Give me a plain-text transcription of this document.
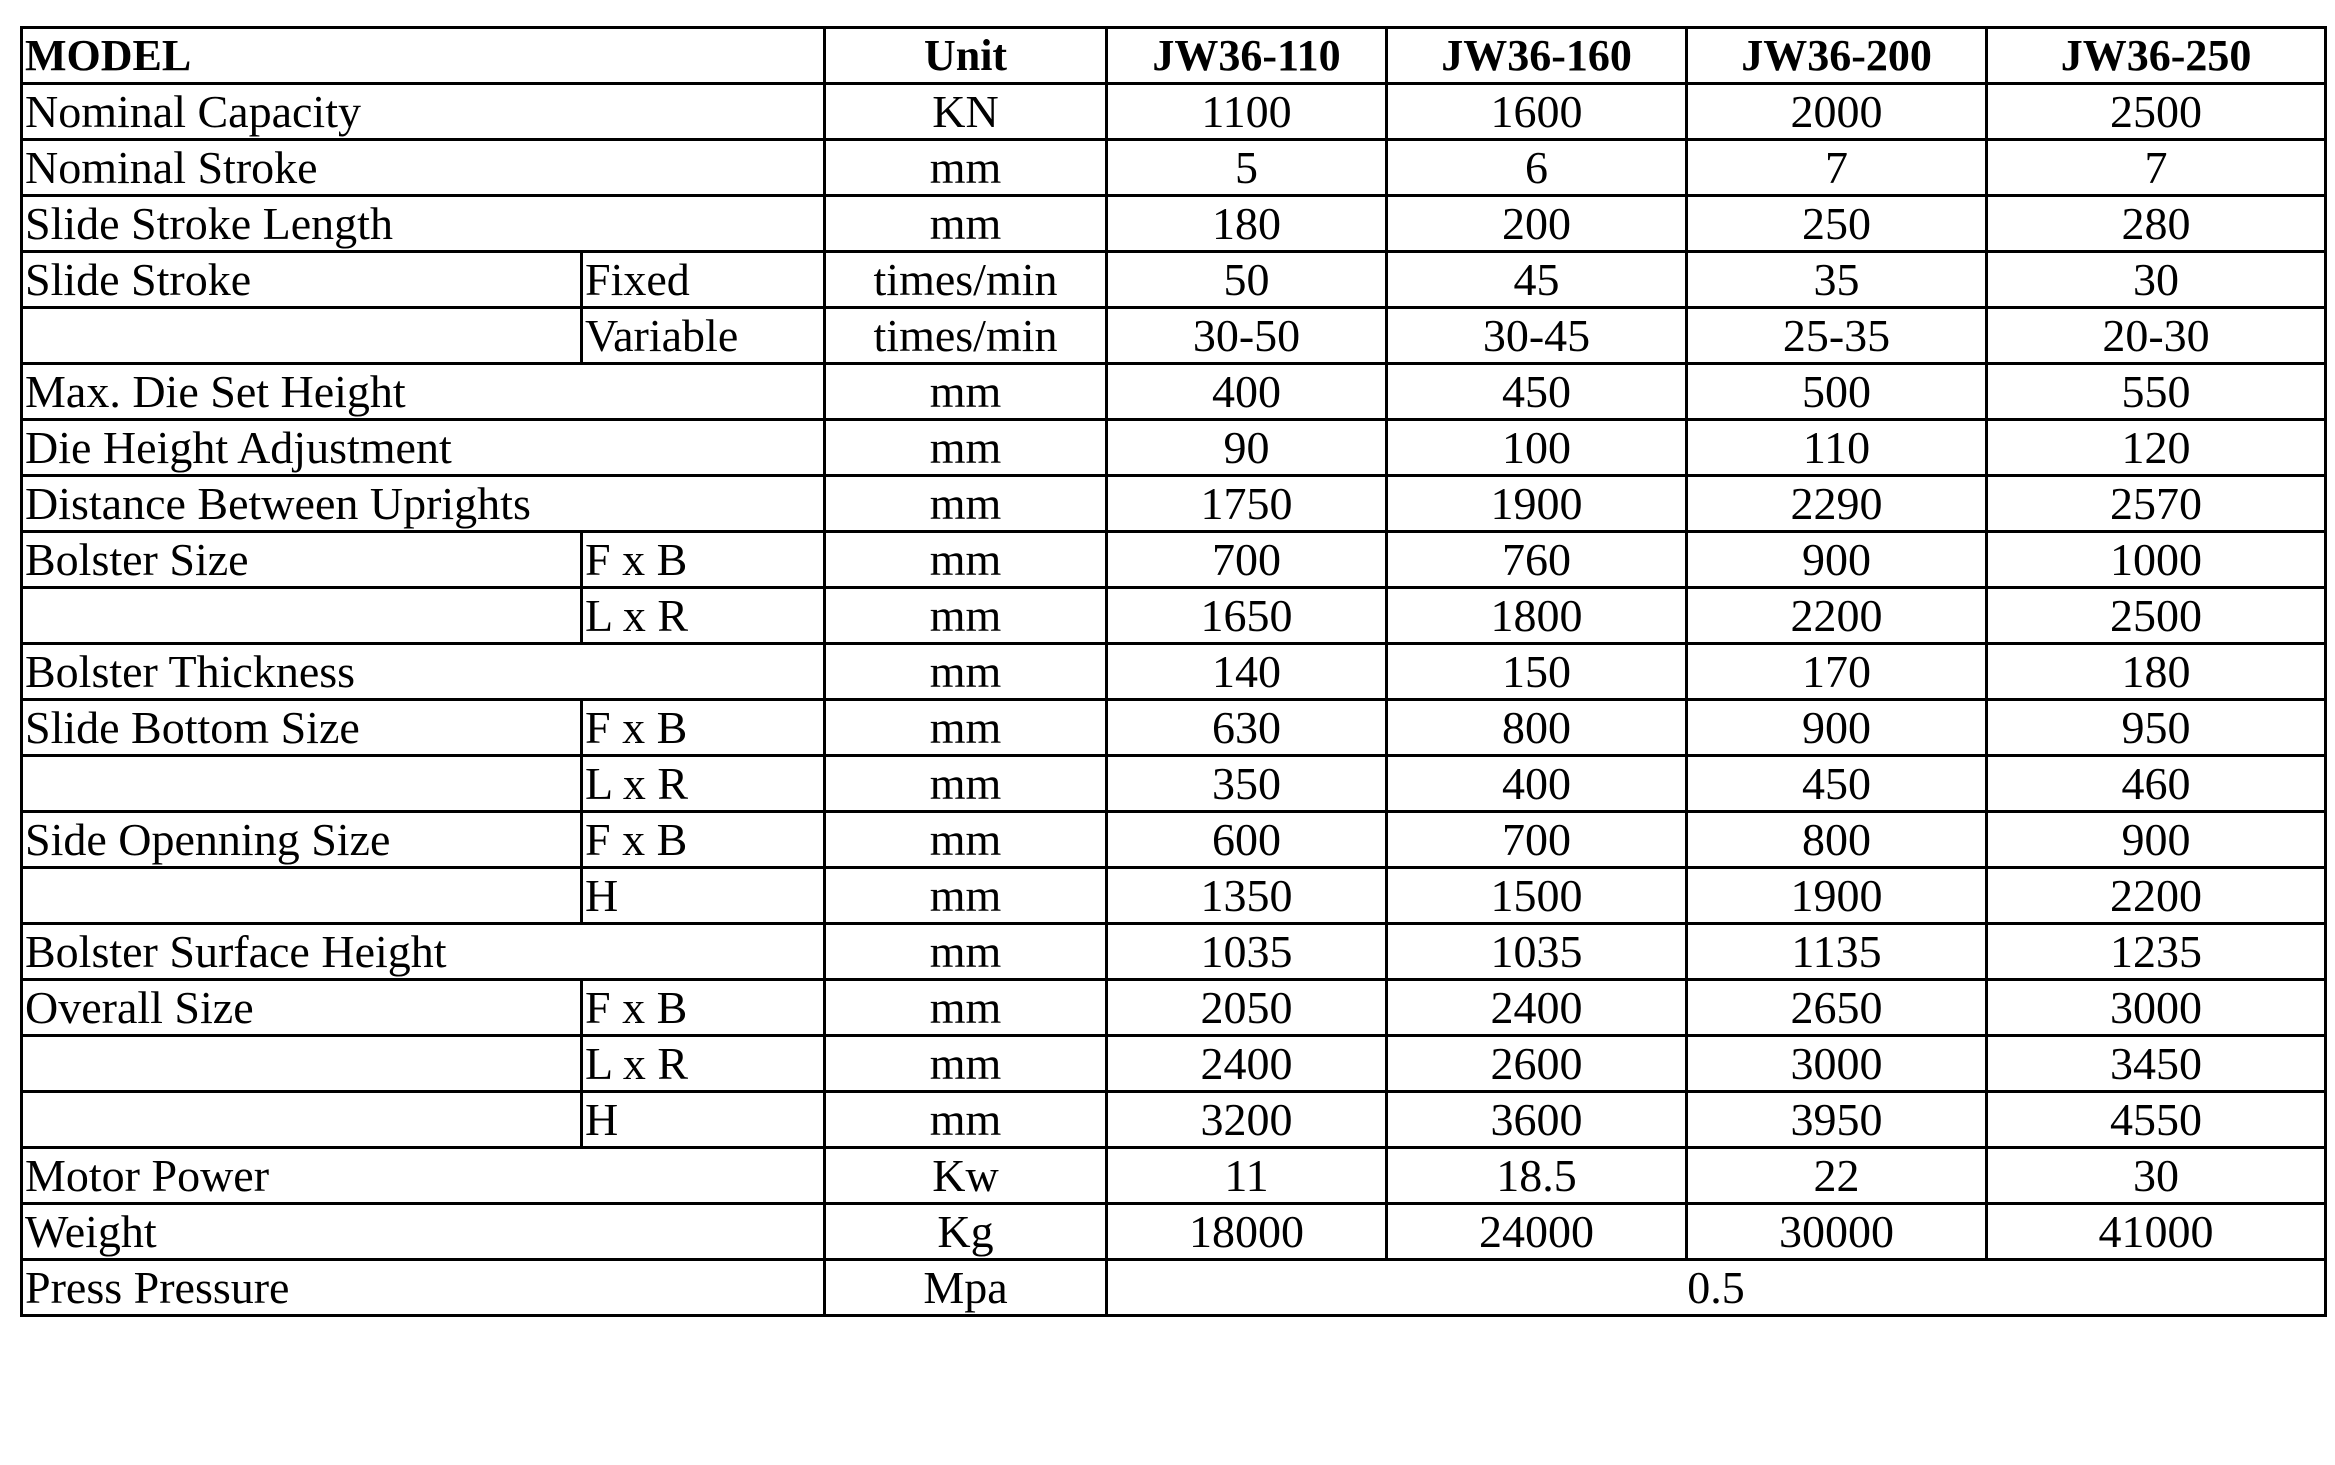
MODEL		Unit	JW36-110	JW36-160	JW36-200	JW36-250
Nominal Capacity		KN	1100	1600	2000	2500
Nominal Stroke		mm	5	6	7	7
Slide Stroke Length		mm	180	200	250	280
Slide Stroke	Fixed	times/min	50	45	35	30
	Variable	times/min	30-50	30-45	25-35	20-30
Max. Die Set Height		mm	400	450	500	550
Die Height Adjustment		mm	90	100	110	120
Distance Between Uprights		mm	1750	1900	2290	2570
Bolster Size	F x B	mm	700	760	900	1000
	L x R	mm	1650	1800	2200	2500
Bolster Thickness		mm	140	150	170	180
Slide Bottom Size	F x B	mm	630	800	900	950
	L x R	mm	350	400	450	460
Side Openning Size	F x B	mm	600	700	800	900
	H	mm	1350	1500	1900	2200
Bolster Surface Height		mm	1035	1035	1135	1235
Overall Size	F x B	mm	2050	2400	2650	3000
	L x R	mm	2400	2600	3000	3450
	H	mm	3200	3600	3950	4550
Motor Power		Kw	11	18.5	22	30
Weight		Kg	18000	24000	30000	41000
Press Pressure		Mpa	0.5			
